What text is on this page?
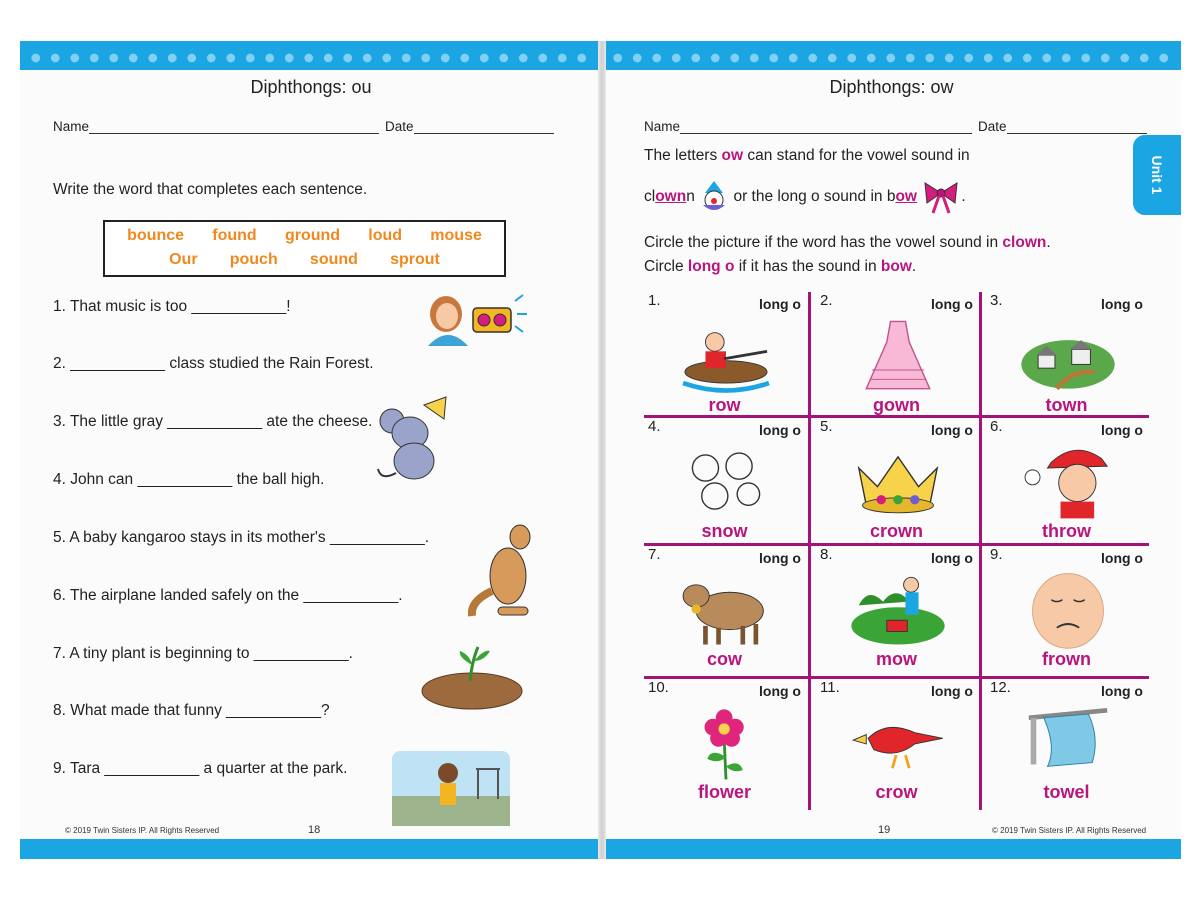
Diphthongs: ou
Name	Date
Write the word that completes each sentence.
bounce found ground loud mouse
Our pouch sound sprout
1. That music is too ___________!
2. ___________ class studied the Rain Forest.
3. The little gray ___________ ate the cheese.
4. John can ___________ the ball high.
5. A baby kangaroo stays in its mother's ___________.
6. The airplane landed safely on the ___________.
7. A tiny plant is beginning to ___________.
8. What made that funny ___________?
9. Tara ___________ a quarter at the park.
© 2019 Twin Sisters IP. All Rights Reserved	18
Diphthongs: ow
Unit 1
Name	Date
The letters ow can stand for the vowel sound in
clownn  or the long o sound in bow	.
Circle the picture if the word has the vowel sound in clown.
Circle long o if it has the sound in bow.
© 2019 Twin Sisters IP. All Rights Reserved
19
1.	long o
row
2.	long o
gown
3.	long o
town
4.	long o
snow
5.	long o
crown
6.	long o
throw
7.	long o
cow
8.	long o
mow
9.	long o
frown
10.	long o
flower
11.	long o
crow
12.	long o
towel
